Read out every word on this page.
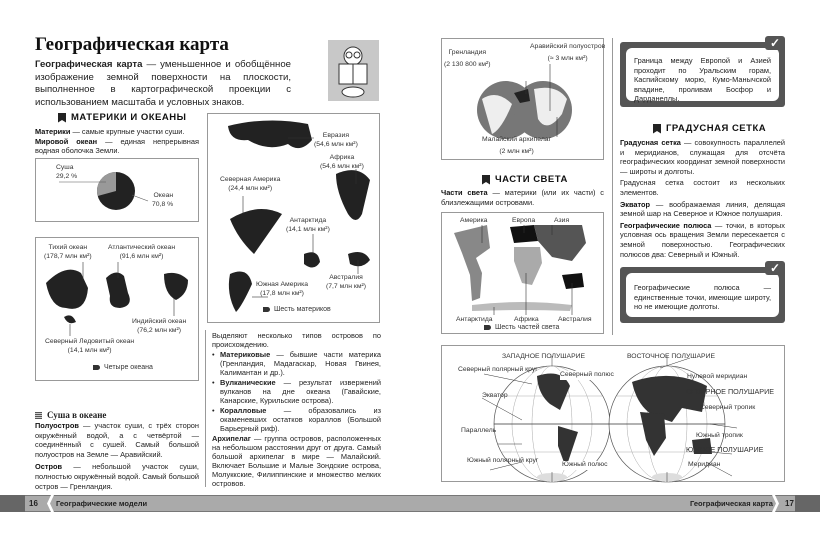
Географическая карта

Географическая карта — уменьшенное и обобщённое изображение земной поверхности на плоскости, выполненное в картографической проекции с использованием масштаба и условных знаков.

МАТЕРИКИ И ОКЕАНЫ

Материки — самые крупные участки суши.
Мировой океан — единая непрерывная водная оболочка Земли.

Суша
29,2 %
Океан
70,8 %
Тихий океан
(178,7 млн км²)
Атлантический океан
(91,6 млн км²)
Индийский океан
(76,2 млн км²)
Северный Ледовитый океан
(14,1 млн км²)
Четыре океана
Евразия
(54,6 млн км²)
Африка
(54,6 млн км²)
Северная Америка
(24,4 млн км²)
Антарктида
(14,1 млн км²)
Южная Америка
(17,8 млн км²)
Австралия
(7,7 млн км²)
Шесть материков
Суша в океане

Полуостров — участок суши, с трёх сторон окружённый водой, а с четвёртой — соединённый с сушей. Самый большой полуостров на Земле — Аравийский.

Остров — небольшой участок суши, полностью окружённый водой. Самый большой остров — Гренландия.

Выделяют несколько типов островов по происхождению.

• Материковые — бывшие части материка (Гренландия, Мадагаскар, Новая Гвинея, Калимантан и др.).
• Вулканические — результат извержений вулканов на дне океана (Гавайские, Канарские, Курильские острова).
• Коралловые — образовались из окаменевших остатков кораллов (Большой Барьерный риф).

Архипелаг — группа островов, расположенных на небольшом расстоянии друг от друга. Самый большой архипелаг в мире — Малайский. Включает Большие и Малые Зондские острова, Молуккские, Филиппинские и множество мелких островов.

16 Географические модели	Географическая карта 17
Гренландия
(2 130 800 км²)
Аравийский полуостров
(≈ 3 млн км²)
Малайский архипелаг
(2 млн км²)
ЧАСТИ СВЕТА

Части света — материки (или их части) с близлежащими островами.

Америка	Европа	Азия
Антарктида	Африка	Австралия
Шесть частей света
Граница между Европой и Азией проходит по Уральским горам, Каспийскому морю, Кумо-Манычской впадине, проливам Босфор и Дарданеллы.
✓
ГРАДУСНАЯ СЕТКА

Градусная сетка — совокупность параллелей и меридианов, служащая для отсчёта географических координат земной поверхности — широты и долготы.

Градусная сетка состоит из нескольких элементов.

Экватор — воображаемая линия, делящая земной шар на Северное и Южное полушария.

Географические полюса — точки, в которых условная ось вращения Земли пересекается с земной поверхностью. Географических полюсов два: Северный и Южный.

Географические полюса — единственные точки, имеющие широту, но не имеющие долготы.
✓
ЗАПАДНОЕ ПОЛУШАРИЕ	ВОСТОЧНОЕ ПОЛУШАРИЕ
Северный полярный круг
Северный полюс	Нулевой меридиан
СЕВЕРНОЕ ПОЛУШАРИЕ
Экватор
Северный тропик
Параллель
Южный тропик
ЮЖНОЕ ПОЛУШАРИЕ
Южный полярный круг
Южный полюс	Меридиан
